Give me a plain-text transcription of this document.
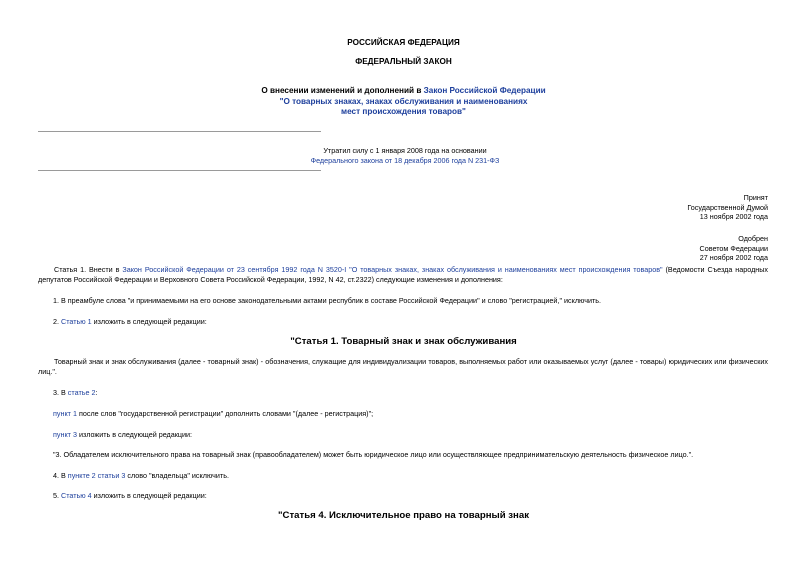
РОССИЙСКАЯ ФЕДЕРАЦИЯ
ФЕДЕРАЛЬНЫЙ ЗАКОН
О внесении изменений и дополнений в Закон Российской Федерации
"О товарных знаках, знаках обслуживания и наименованиях
мест происхождения товаров"
Утратил силу с 1 января 2008 года на основании
Федерального закона от 18 декабря 2006 года N 231-ФЗ
Принят
Государственной Думой
13 ноября 2002 года
Одобрен
Советом Федерации
27 ноября 2002 года
Статья 1. Внести в Закон Российской Федерации от 23 сентября 1992 года N 3520-I "О товарных знаках, знаках обслуживания и наименованиях мест происхождения товаров" (Ведомости Съезда народных депутатов Российской Федерации и Верховного Совета Российской Федерации, 1992, N 42, ст.2322) следующие изменения и дополнения:
1. В преамбуле слова "и принимаемыми на его основе законодательными актами республик в составе Российской Федерации" и слово "регистрацией," исключить.
2. Статью 1 изложить в следующей редакции:
"Статья 1. Товарный знак и знак обслуживания
Товарный знак и знак обслуживания (далее - товарный знак) - обозначения, служащие для индивидуализации товаров, выполняемых работ или оказываемых услуг (далее - товары) юридических или физических лиц.".
3. В статье 2:
пункт 1 после слов "государственной регистрации" дополнить словами "(далее - регистрация)";
пункт 3 изложить в следующей редакции:
"3. Обладателем исключительного права на товарный знак (правообладателем) может быть юридическое лицо или осуществляющее предпринимательскую деятельность физическое лицо.".
4. В пункте 2 статьи 3 слово "владельца" исключить.
5. Статью 4 изложить в следующей редакции:
"Статья 4. Исключительное право на товарный знак
